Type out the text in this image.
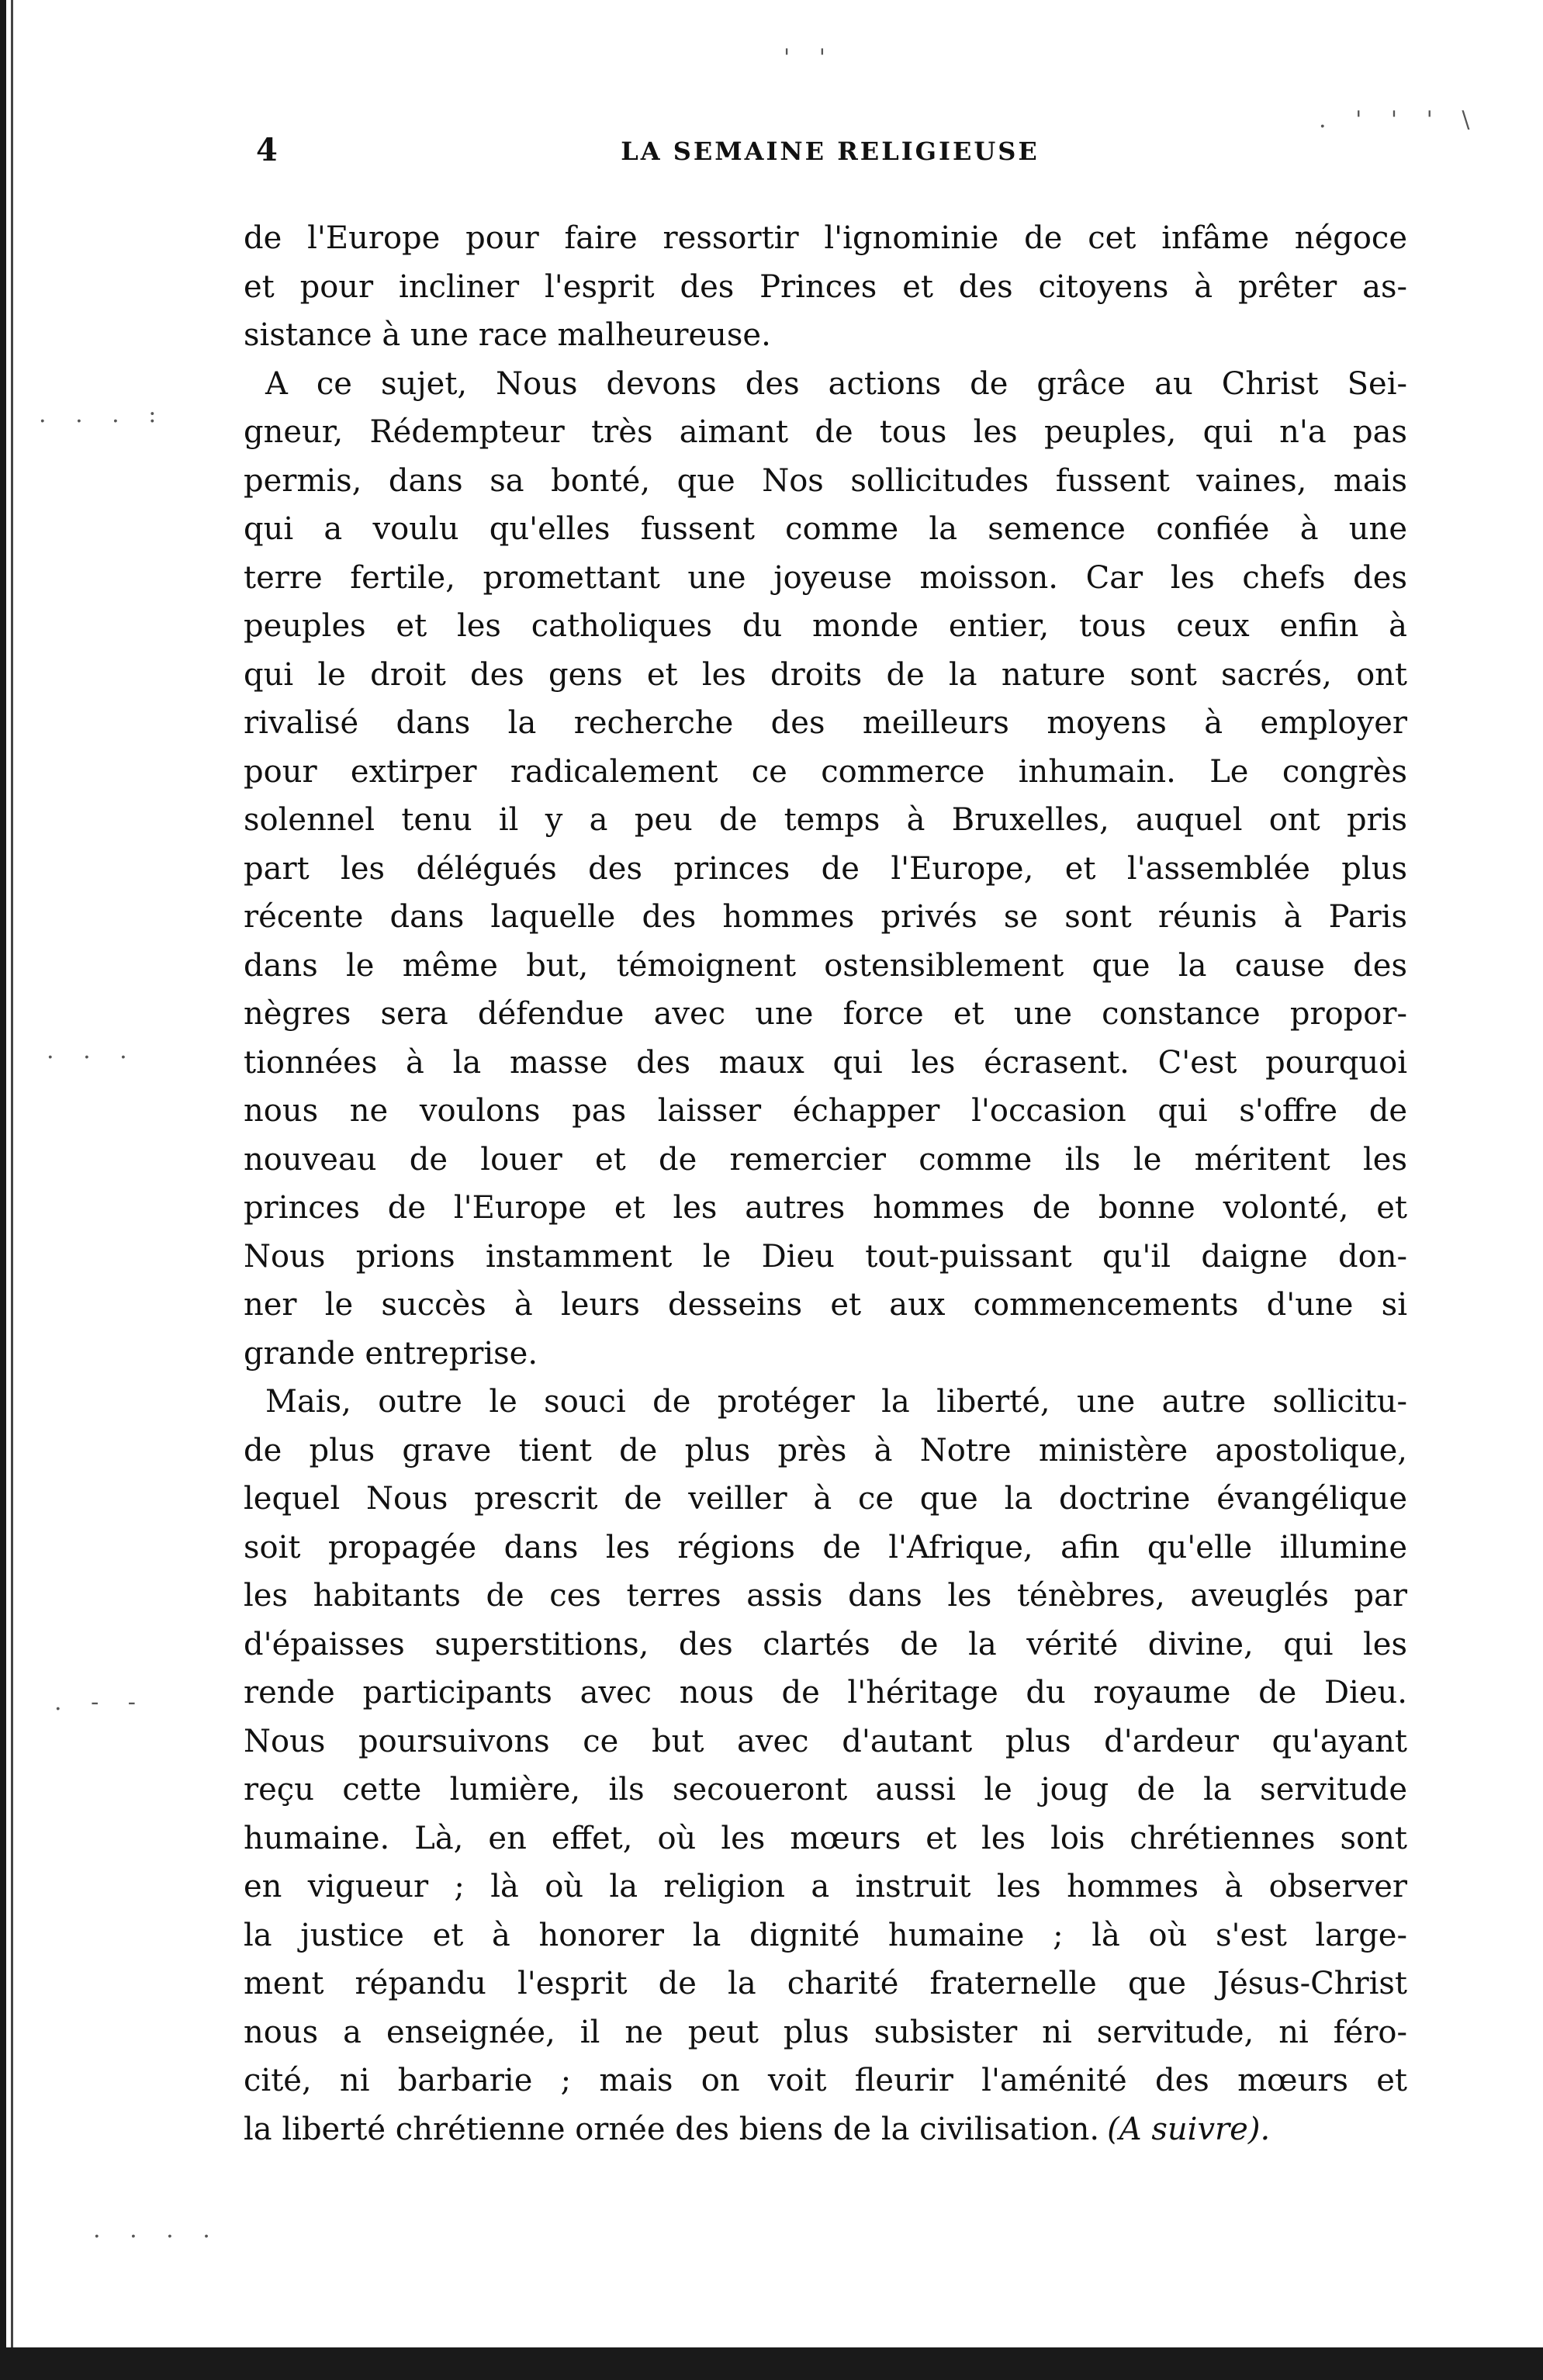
' '
. ' ' ' \
. . . :
. . .
. - -
. . . .
4	LA SEMAINE RELIGIEUSE
de l'Europe pour faire ressortir l'ignominie de cet infâme négoce
et pour incliner l'esprit des Princes et des citoyens à prêter as-
sistance à une race malheureuse.
A ce sujet, Nous devons des actions de grâce au Christ Sei-
gneur, Rédempteur très aimant de tous les peuples, qui n'a pas
permis, dans sa bonté, que Nos sollicitudes fussent vaines, mais
qui a voulu qu'elles fussent comme la semence confiée à une
terre fertile, promettant une joyeuse moisson. Car les chefs des
peuples et les catholiques du monde entier, tous ceux enfin à
qui le droit des gens et les droits de la nature sont sacrés, ont
rivalisé dans la recherche des meilleurs moyens à employer
pour extirper radicalement ce commerce inhumain. Le congrès
solennel tenu il y a peu de temps à Bruxelles, auquel ont pris
part les délégués des princes de l'Europe, et l'assemblée plus
récente dans laquelle des hommes privés se sont réunis à Paris
dans le même but, témoignent ostensiblement que la cause des
nègres sera défendue avec une force et une constance propor-
tionnées à la masse des maux qui les écrasent. C'est pourquoi
nous ne voulons pas laisser échapper l'occasion qui s'offre de
nouveau de louer et de remercier comme ils le méritent les
princes de l'Europe et les autres hommes de bonne volonté, et
Nous prions instamment le Dieu tout-puissant qu'il daigne don-
ner le succès à leurs desseins et aux commencements d'une si
grande entreprise.
Mais, outre le souci de protéger la liberté, une autre sollicitu-
de plus grave tient de plus près à Notre ministère apostolique,
lequel Nous prescrit de veiller à ce que la doctrine évangélique
soit propagée dans les régions de l'Afrique, afin qu'elle illumine
les habitants de ces terres assis dans les ténèbres, aveuglés par
d'épaisses superstitions, des clartés de la vérité divine, qui les
rende participants avec nous de l'héritage du royaume de Dieu.
Nous poursuivons ce but avec d'autant plus d'ardeur qu'ayant
reçu cette lumière, ils secoueront aussi le joug de la servitude
humaine. Là, en effet, où les mœurs et les lois chrétiennes sont
en vigueur ; là où la religion a instruit les hommes à observer
la justice et à honorer la dignité humaine ; là où s'est large-
ment répandu l'esprit de la charité fraternelle que Jésus-Christ
nous a enseignée, il ne peut plus subsister ni servitude, ni féro-
cité, ni barbarie ; mais on voit fleurir l'aménité des mœurs et
la liberté chrétienne ornée des biens de la civilisation. (A suivre).
